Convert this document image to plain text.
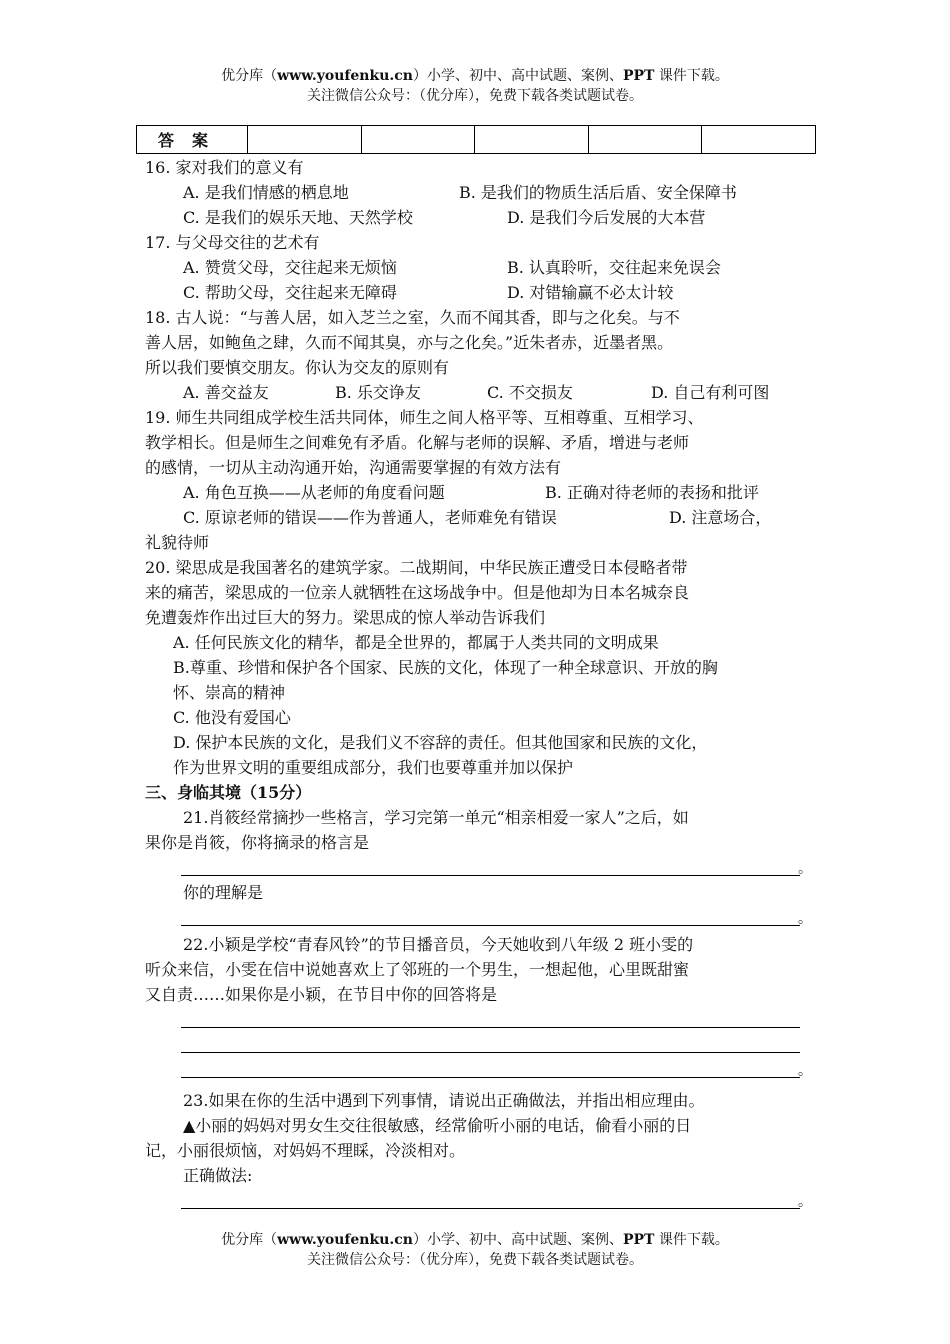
优分库（www.youfenku.cn）小学、初中、高中试题、案例、PPT 课件下载。
关注微信公众号：（优分库），免费下载各类试题试卷。
答案					

16. 家对我们的意义有

A. 是我们情感的栖息地	B. 是我们的物质生活后盾、安全保障书

C. 是我们的娱乐天地、天然学校	D. 是我们今后发展的大本营

17. 与父母交往的艺术有

A. 赞赏父母，交往起来无烦恼	B. 认真聆听，交往起来免误会

C. 帮助父母，交往起来无障碍	D. 对错输赢不必太计较

18. 古人说：“与善人居，如入芝兰之室，久而不闻其香，即与之化矣。与不

善人居，如鲍鱼之肆，久而不闻其臭，亦与之化矣。”近朱者赤，近墨者黑。

所以我们要慎交朋友。你认为交友的原则有

A. 善交益友	B. 乐交诤友	C. 不交损友	D. 自己有利可图

19. 师生共同组成学校生活共同体，师生之间人格平等、互相尊重、互相学习、

教学相长。但是师生之间难免有矛盾。化解与老师的误解、矛盾，增进与老师

的感情，一切从主动沟通开始，沟通需要掌握的有效方法有

A. 角色互换——从老师的角度看问题	B. 正确对待老师的表扬和批评

C. 原谅老师的错误——作为普通人，老师难免有错误	D. 注意场合，

礼貌待师

20. 梁思成是我国著名的建筑学家。二战期间，中华民族正遭受日本侵略者带

来的痛苦，梁思成的一位亲人就牺牲在这场战争中。但是他却为日本名城奈良

免遭轰炸作出过巨大的努力。梁思成的惊人举动告诉我们

A. 任何民族文化的精华，都是全世界的，都属于人类共同的文明成果

B.尊重、珍惜和保护各个国家、民族的文化，体现了一种全球意识、开放的胸

怀、崇高的精神

C. 他没有爱国心

D. 保护本民族的文化，是我们义不容辞的责任。但其他国家和民族的文化，

作为世界文明的重要组成部分，我们也要尊重并加以保护

三、身临其境（15分）

21.肖筱经常摘抄一些格言，学习完第一单元“相亲相爱一家人”之后，如

果你是肖筱，你将摘录的格言是

。

你的理解是

。

22.小颖是学校“青春风铃”的节目播音员，今天她收到八年级 2 班小雯的

听众来信，小雯在信中说她喜欢上了邻班的一个男生，一想起他，心里既甜蜜

又自责……如果你是小颖，在节目中你的回答将是

。

23.如果在你的生活中遇到下列事情，请说出正确做法，并指出相应理由。

▲小丽的妈妈对男女生交往很敏感，经常偷听小丽的电话，偷看小丽的日

记，小丽很烦恼，对妈妈不理睬，冷淡相对。

正确做法:

。
优分库（www.youfenku.cn）小学、初中、高中试题、案例、PPT 课件下载。
关注微信公众号：（优分库），免费下载各类试题试卷。
